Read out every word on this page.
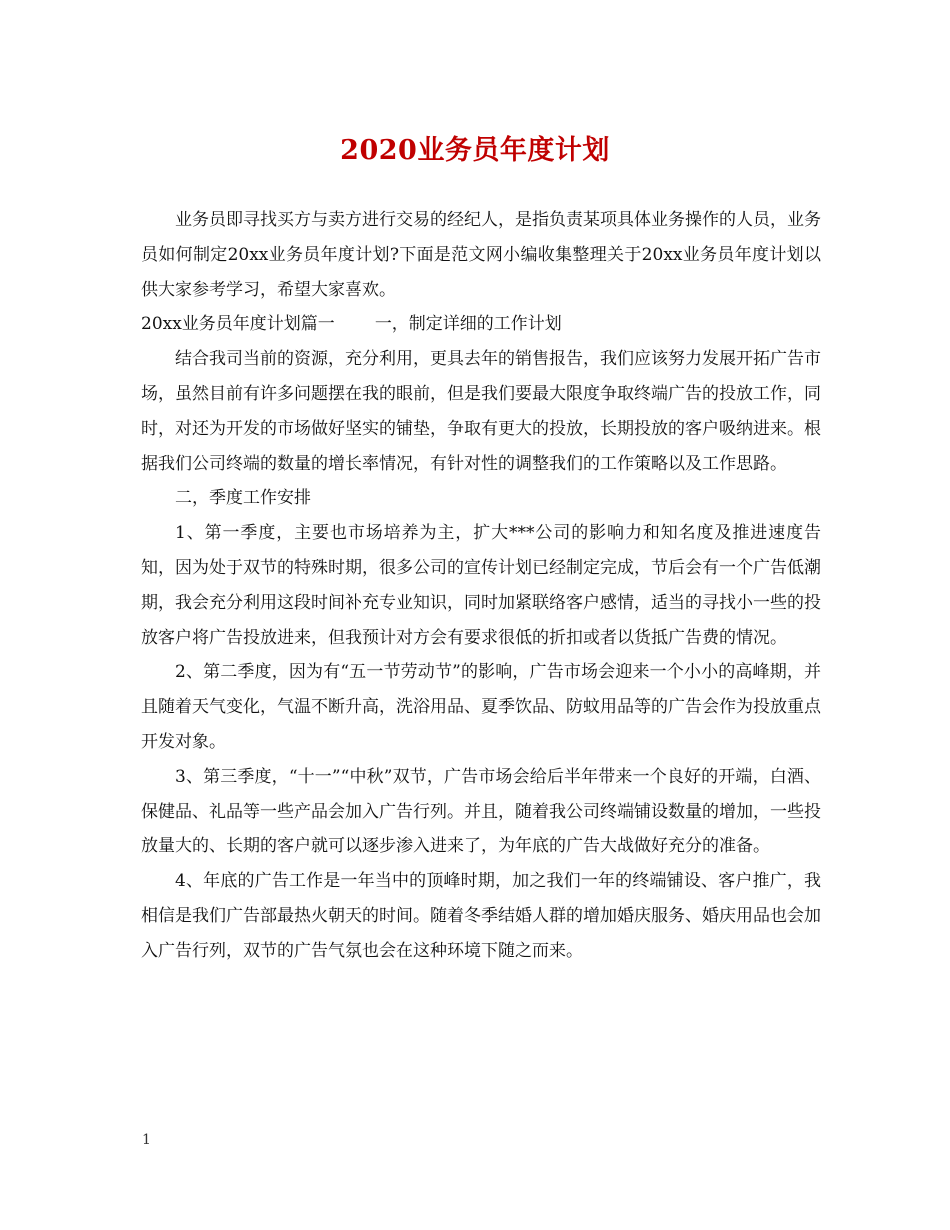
2020业务员年度计划

业务员即寻找买方与卖方进行交易的经纪人，是指负责某项具体业务操作的人员，业务员如何制定20xx业务员年度计划?下面是范文网小编收集整理关于20xx业务员年度计划以供大家参考学习，希望大家喜欢。

20xx业务员年度计划篇一 一，制定详细的工作计划

结合我司当前的资源，充分利用，更具去年的销售报告，我们应该努力发展开拓广告市场，虽然目前有许多问题摆在我的眼前，但是我们要最大限度争取终端广告的投放工作，同时，对还为开发的市场做好坚实的铺垫，争取有更大的投放，长期投放的客户吸纳进来。根据我们公司终端的数量的增长率情况，有针对性的调整我们的工作策略以及工作思路。

二，季度工作安排

1、第一季度，主要也市场培养为主，扩大***公司的影响力和知名度及推进速度告知，因为处于双节的特殊时期，很多公司的宣传计划已经制定完成，节后会有一个广告低潮期，我会充分利用这段时间补充专业知识，同时加紧联络客户感情，适当的寻找小一些的投放客户将广告投放进来，但我预计对方会有要求很低的折扣或者以货抵广告费的情况。

2、第二季度，因为有“五一节劳动节”的影响，广告市场会迎来一个小小的高峰期，并且随着天气变化，气温不断升高，洗浴用品、夏季饮品、防蚊用品等的广告会作为投放重点开发对象。

3、第三季度，“十一”“中秋”双节，广告市场会给后半年带来一个良好的开端，白酒、保健品、礼品等一些产品会加入广告行列。并且，随着我公司终端铺设数量的增加，一些投放量大的、长期的客户就可以逐步渗入进来了，为年底的广告大战做好充分的准备。

4、年底的广告工作是一年当中的顶峰时期，加之我们一年的终端铺设、客户推广，我相信是我们广告部最热火朝天的时间。随着冬季结婚人群的增加婚庆服务、婚庆用品也会加入广告行列，双节的广告气氛也会在这种环境下随之而来。

1
